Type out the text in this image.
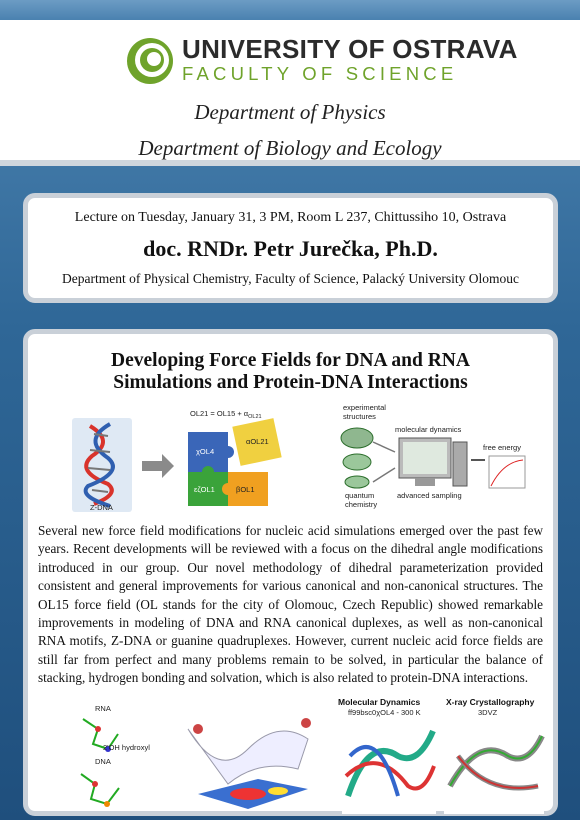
UNIVERSITY OF OSTRAVA
FACULTY OF SCIENCE
Department of Physics
Department of Biology and Ecology
Lecture on Tuesday, January 31, 3 PM, Room L 237, Chittussiho 10, Ostrava
doc. RNDr. Petr Jurečka, Ph.D.
Department of Physical Chemistry, Faculty of Science, Palacký University Olomouc
Developing Force Fields for DNA and RNA
Simulations and Protein-DNA Interactions
Z-DNA
$OL21 = OL15 + \alpha_{OL21}$
χOL4
αOL21
εζOL1	βOL1
experimental
structures
quantum
chemistry
molecular dynamics
advanced sampling
free energy
Several new force field modifications for nucleic acid simulations emerged over the past few years. Recent developments will be reviewed with a focus on the dihedral angle modifications introduced in our group. Our novel methodology of dihedral parameterization provided consistent and general improvements for various canonical and non-canonical structures. The OL15 force field (OL stands for the city of Olomouc, Czech Republic) showed remarkable improvements in modeling of DNA and RNA canonical duplexes, as well as non-canonical RNA motifs, Z-DNA or guanine quadruplexes. However, current nucleic acid force fields are still far from perfect and many problems remain to be solved, in particular the balance of stacking, hydrogen bonding and solvation, which is also related to protein-DNA interactions.
RNA
2'OH hydroxyl
DNA
Molecular Dynamics
ff99bsc0χOL4 - 300 K
X-ray Crystallography
3DVZ
